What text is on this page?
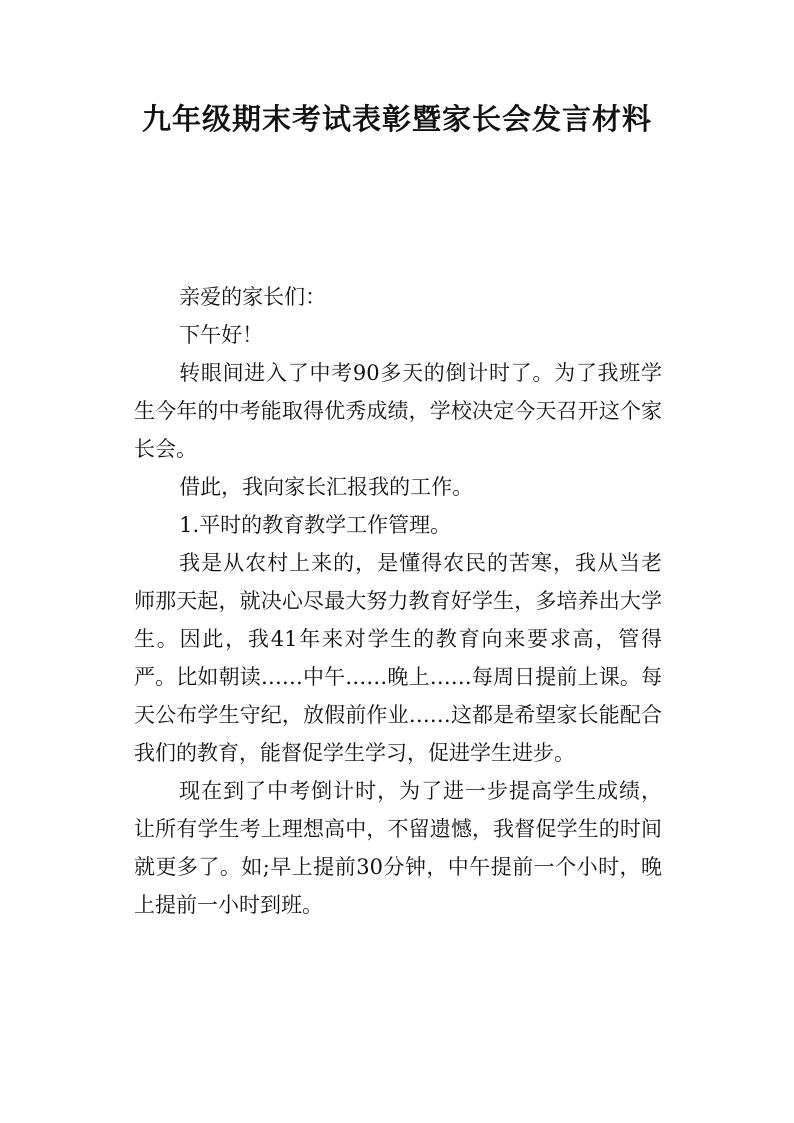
九年级期末考试表彰暨家长会发言材料

亲爱的家长们：

下午好！

转眼间进入了中考90多天的倒计时了。为了我班学生今年的中考能取得优秀成绩，学校决定今天召开这个家长会。

借此，我向家长汇报我的工作。

1.平时的教育教学工作管理。

我是从农村上来的，是懂得农民的苦寒，我从当老师那天起，就决心尽最大努力教育好学生，多培养出大学生。因此，我41年来对学生的教育向来要求高，管得严。比如朝读……中午……晚上……每周日提前上课。每天公布学生守纪，放假前作业……这都是希望家长能配合我们的教育，能督促学生学习，促进学生进步。

现在到了中考倒计时，为了进一步提高学生成绩，让所有学生考上理想高中，不留遗憾，我督促学生的时间就更多了。如;早上提前30分钟，中午提前一个小时，晚上提前一小时到班。
